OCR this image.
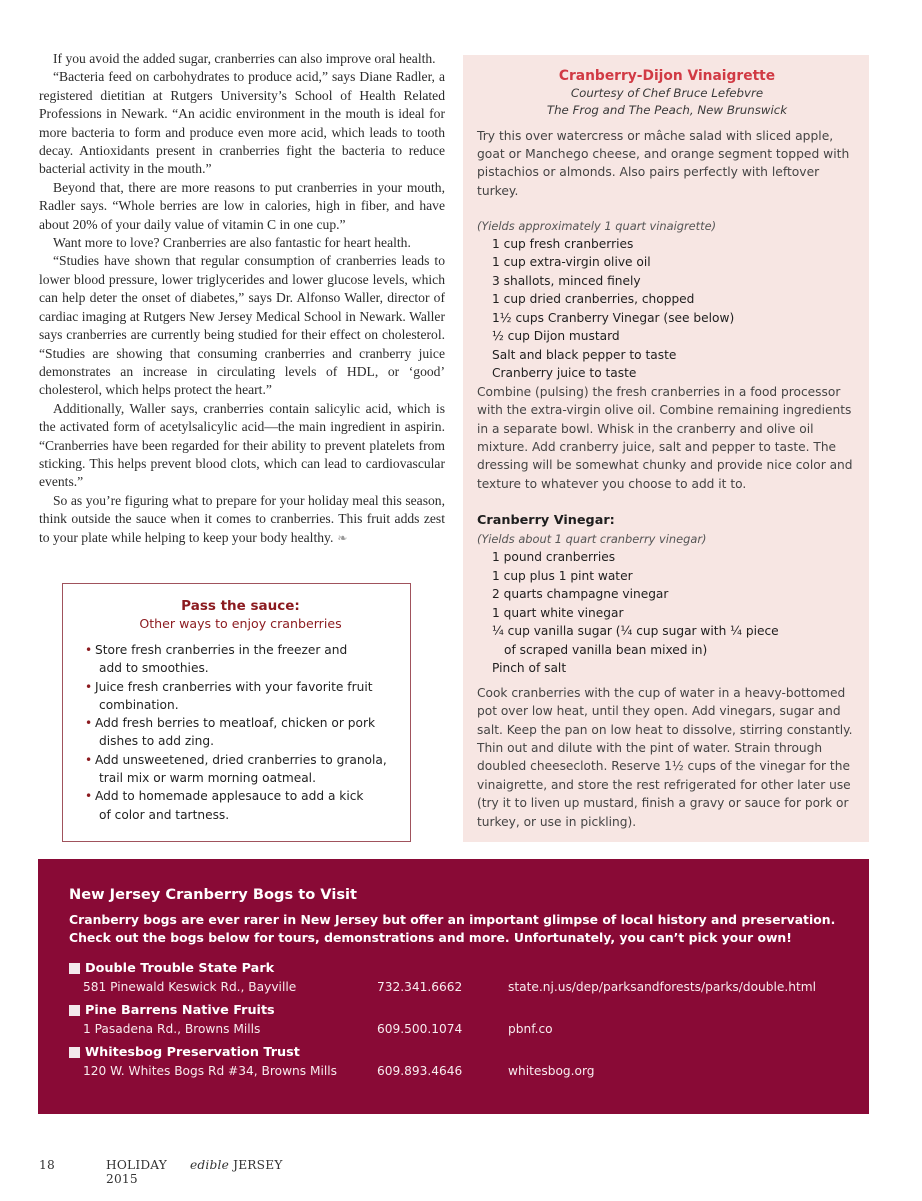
If you avoid the added sugar, cranberries can also improve oral health.

“Bacteria feed on carbohydrates to produce acid,” says Diane Radler, a registered dietitian at Rutgers University’s School of Health Related Professions in Newark. “An acidic environment in the mouth is ideal for more bacteria to form and produce even more acid, which leads to tooth decay. Antioxidants present in cranberries fight the bacteria to reduce bacterial activity in the mouth.”

Beyond that, there are more reasons to put cranberries in your mouth, Radler says. “Whole berries are low in calories, high in fiber, and have about 20% of your daily value of vitamin C in one cup.”

Want more to love? Cranberries are also fantastic for heart health.

“Studies have shown that regular consumption of cranberries leads to lower blood pressure, lower triglycerides and lower glucose levels, which can help deter the onset of diabetes,” says Dr. Alfonso Waller, director of cardiac imaging at Rutgers New Jersey Medical School in Newark. Waller says cranberries are currently being studied for their effect on cholesterol. “Studies are showing that consuming cranberries and cranberry juice demonstrates an increase in circulating levels of HDL, or ‘good’ cholesterol, which helps protect the heart.”

Additionally, Waller says, cranberries contain salicylic acid, which is the activated form of acetylsalicylic acid—the main ingredient in aspirin. “Cranberries have been regarded for their ability to prevent platelets from sticking. This helps prevent blood clots, which can lead to cardiovascular events.”

So as you’re figuring what to prepare for your holiday meal this season, think outside the sauce when it comes to cranberries. This fruit adds zest to your plate while helping to keep your body healthy. ❧

Pass the sauce:
Other ways to enjoy cranberries
• Store fresh cranberries in the freezer and
add to smoothies.
• Juice fresh cranberries with your favorite fruit
combination.
• Add fresh berries to meatloaf, chicken or pork
dishes to add zing.
• Add unsweetened, dried cranberries to granola,
trail mix or warm morning oatmeal.
• Add to homemade applesauce to add a kick
of color and tartness.
Cranberry-Dijon Vinaigrette
Courtesy of Chef Bruce Lefebvre
The Frog and The Peach, New Brunswick

Try this over watercress or mâche salad with sliced apple, goat or Manchego cheese, and orange segment topped with pistachios or almonds. Also pairs perfectly with leftover turkey.

(Yields approximately 1 quart vinaigrette)

1 cup fresh cranberries
1 cup extra-virgin olive oil
3 shallots, minced finely
1 cup dried cranberries, chopped
1½ cups Cranberry Vinegar (see below)
½ cup Dijon mustard
Salt and black pepper to taste
Cranberry juice to taste

Combine (pulsing) the fresh cranberries in a food processor with the extra-virgin olive oil. Combine remaining ingredients in a separate bowl. Whisk in the cranberry and olive oil mixture. Add cranberry juice, salt and pepper to taste. The dressing will be somewhat chunky and provide nice color and texture to whatever you choose to add it to.

Cranberry Vinegar:

(Yields about 1 quart cranberry vinegar)

1 pound cranberries
1 cup plus 1 pint water
2 quarts champagne vinegar
1 quart white vinegar
¼ cup vanilla sugar (¼ cup sugar with ¼ piece
of scraped vanilla bean mixed in)
Pinch of salt

Cook cranberries with the cup of water in a heavy-bottomed pot over low heat, until they open. Add vinegars, sugar and salt. Keep the pan on low heat to dissolve, stirring constantly. Thin out and dilute with the pint of water. Strain through doubled cheesecloth. Reserve 1½ cups of the vinegar for the vinaigrette, and store the rest refrigerated for other later use (try it to liven up mustard, finish a gravy or sauce for pork or turkey, or use in pickling).

New Jersey Cranberry Bogs to Visit
Cranberry bogs are ever rarer in New Jersey but offer an important glimpse of local history and preservation.
Check out the bogs below for tours, demonstrations and more. Unfortunately, you can’t pick your own!
Double Trouble State Park
581 Pinewald Keswick Rd., Bayville	732.341.6662	state.nj.us/dep/parksandforests/parks/double.html
Pine Barrens Native Fruits
1 Pasadena Rd., Browns Mills	609.500.1074	pbnf.co
Whitesbog Preservation Trust
120 W. Whites Bogs Rd #34, Browns Mills	609.893.4646	whitesbog.org
18	HOLIDAY 2015
edible JERSEY
